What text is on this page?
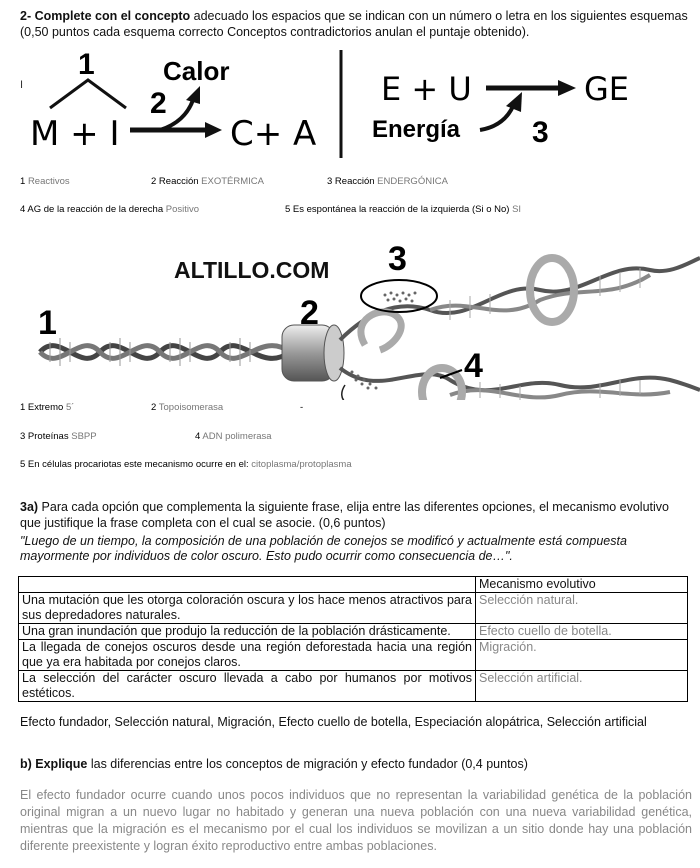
2- Complete con el concepto adecuado los espacios que se indican con un número o letra en los siguientes esquemas (0,50 puntos cada esquema correcto Conceptos contradictorios anulan el puntaje obtenido).
I
1
M + I
2
Calor
C+ A
E + U	GE
Energía 3
1 Reactivos	2 Reacción EXOTÉRMICA	3 Reacción ENDERGÓNICA
4 AG de la reacción de la derecha Positivo	5 Es espontánea la reacción de la izquierda (Si o No) SI
ALTILLO.COM
1	2
3
4
1 Extremo 5´	2 Topoisomerasa	-
3 Proteínas SBPP	4 ADN polimerasa
5 En células procariotas este mecanismo ocurre en el: citoplasma/protoplasma
3a) Para cada opción que complementa la siguiente frase, elija entre las diferentes opciones, el mecanismo evolutivo que justifique la frase completa con el cual se asocie. (0,6 puntos)
"Luego de un tiempo, la composición de una población de conejos se modificó y actualmente está compuesta mayormente por individuos de color oscuro. Esto pudo ocurrir como consecuencia de…".
	Mecanismo evolutivo
Una mutación que les otorga coloración oscura y los hace menos atractivos para sus depredadores naturales.	Selección natural.
Una gran inundación que produjo la reducción de la población drásticamente.	Efecto cuello de botella.
La llegada de conejos oscuros desde una región deforestada hacia una región que ya era habitada por conejos claros.	Migración.
La selección del carácter oscuro llevada a cabo por humanos por motivos estéticos.	Selección artificial.
Efecto fundador, Selección natural, Migración, Efecto cuello de botella, Especiación alopátrica, Selección artificial
b) Explique las diferencias entre los conceptos de migración y efecto fundador (0,4 puntos)
El efecto fundador ocurre cuando unos pocos individuos que no representan la variabilidad genética de la población original migran a un nuevo lugar no habitado y generan una nueva población con una nueva variabilidad genética, mientras que la migración es el mecanismo por el cual los individuos se movilizan a un sitio donde hay una población diferente preexistente y logran éxito reproductivo entre ambas poblaciones.
